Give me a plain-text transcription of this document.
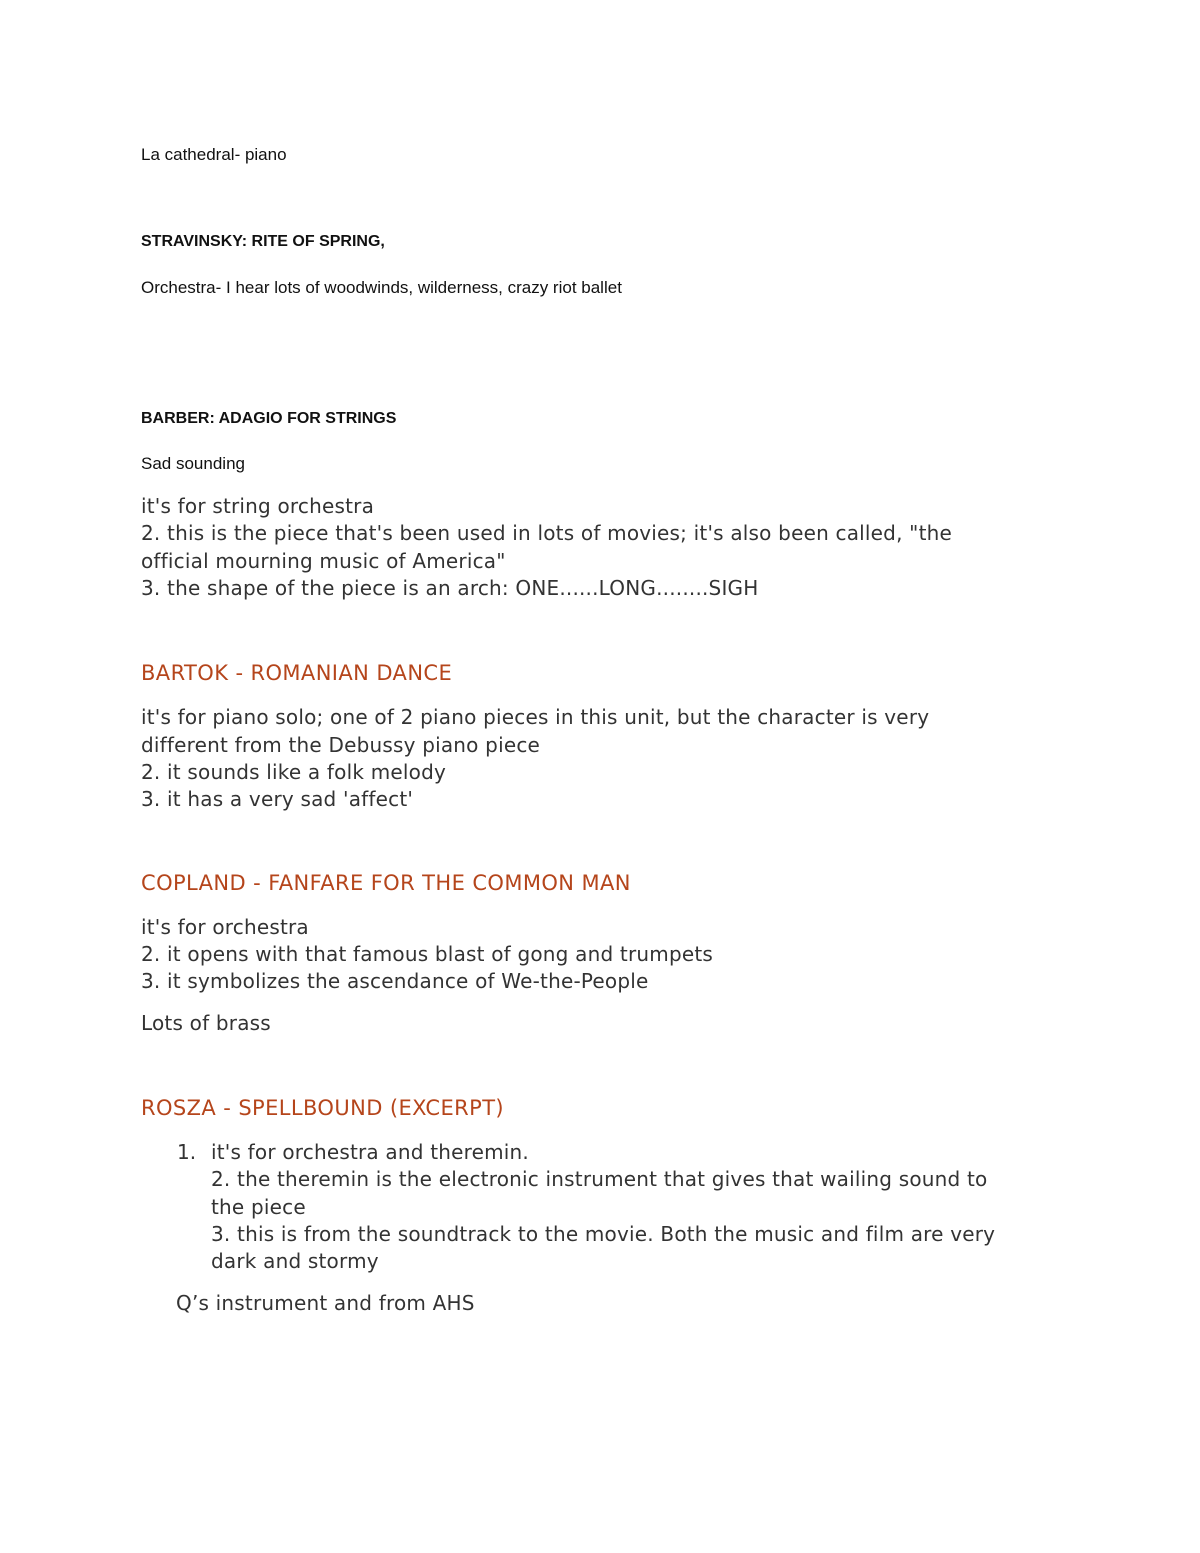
La cathedral- piano

STRAVINSKY: RITE OF SPRING,

Orchestra- I hear lots of woodwinds, wilderness, crazy riot ballet

BARBER: ADAGIO FOR STRINGS

Sad sounding

it's for string orchestra

2. this is the piece that's been used in lots of movies; it's also been called, "the

official mourning music of America"

3. the shape of the piece is an arch: ONE......LONG........SIGH

BARTOK - ROMANIAN DANCE

it's for piano solo; one of 2 piano pieces in this unit, but the character is very

different from the Debussy piano piece

2. it sounds like a folk melody

3. it has a very sad 'affect'

COPLAND - FANFARE FOR THE COMMON MAN

it's for orchestra

2. it opens with that famous blast of gong and trumpets

3. it symbolizes the ascendance of We-the-People

Lots of brass

ROSZA - SPELLBOUND (EXCERPT)

1. it's for orchestra and theremin.

2. the theremin is the electronic instrument that gives that wailing sound to

the piece

3. this is from the soundtrack to the movie. Both the music and film are very

dark and stormy

Q’s instrument and from AHS
